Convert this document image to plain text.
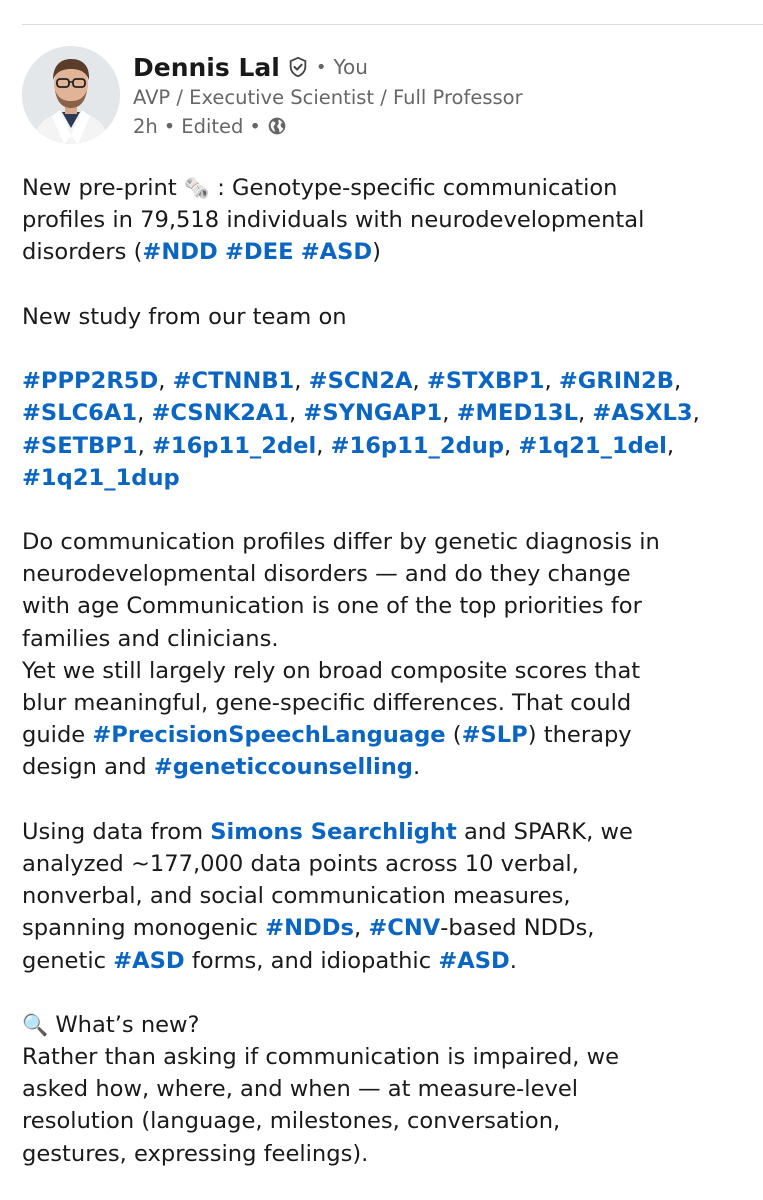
Dennis Lal • You
AVP / Executive Scientist / Full Professor
2h • Edited •
New pre-print 🗞️ : Genotype-specific communication
profiles in 79,518 individuals with neurodevelopmental
disorders (#NDD #DEE #ASD)
New study from our team on
#PPP2R5D, #CTNNB1, #SCN2A, #STXBP1, #GRIN2B,
#SLC6A1, #CSNK2A1, #SYNGAP1, #MED13L, #ASXL3,
#SETBP1, #16p11_2del, #16p11_2dup, #1q21_1del,
#1q21_1dup
Do communication profiles differ by genetic diagnosis in
neurodevelopmental disorders — and do they change
with age Communication is one of the top priorities for
families and clinicians.
Yet we still largely rely on broad composite scores that
blur meaningful, gene-specific differences. That could
guide #PrecisionSpeechLanguage (#SLP) therapy
design and #geneticcounselling.
Using data from Simons Searchlight and SPARK, we
analyzed ~177,000 data points across 10 verbal,
nonverbal, and social communication measures,
spanning monogenic #NDDs, #CNV-based NDDs,
genetic #ASD forms, and idiopathic #ASD.
🔍 What’s new?
Rather than asking if communication is impaired, we
asked how, where, and when — at measure-level
resolution (language, milestones, conversation,
gestures, expressing feelings).
